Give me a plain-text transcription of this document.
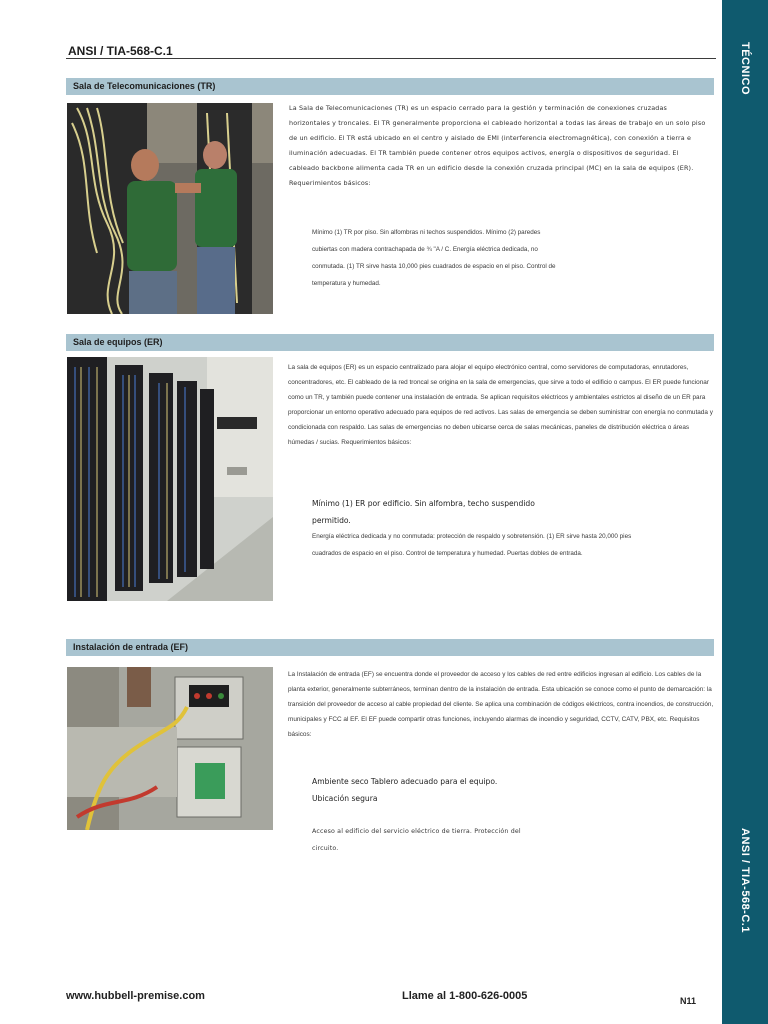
TÉCNICO
ANSI / TIA-568-C.1
ANSI / TIA-568-C.1
Sala de Telecomunicaciones (TR)

La Sala de Telecomunicaciones (TR) es un espacio cerrado para la gestión y terminación de conexiones cruzadas horizontales y troncales. El TR generalmente proporciona el cableado horizontal a todas las áreas de trabajo en un solo piso de un edificio. El TR está ubicado en el centro y aislado de EMI (interferencia electromagnética), con conexión a tierra e iluminación adecuadas. El TR también puede contener otros equipos activos, energía o dispositivos de seguridad. El cableado backbone alimenta cada TR en un edificio desde la conexión cruzada principal (MC) en la sala de equipos (ER). Requerimientos básicos:

Mínimo (1) TR por piso. Sin alfombras ni techos suspendidos. Mínimo (2) paredes cubiertas con madera contrachapada de ¾ "A / C. Energía eléctrica dedicada, no conmutada. (1) TR sirve hasta 10,000 pies cuadrados de espacio en el piso. Control de temperatura y humedad.

Sala de equipos (ER)

La sala de equipos (ER) es un espacio centralizado para alojar el equipo electrónico central, como servidores de computadoras, enrutadores, concentradores, etc. El cableado de la red troncal se origina en la sala de emergencias, que sirve a todo el edificio o campus. El ER puede funcionar como un TR, y también puede contener una instalación de entrada. Se aplican requisitos eléctricos y ambientales estrictos al diseño de un ER para proporcionar un entorno operativo adecuado para equipos de red activos. Las salas de emergencia se deben suministrar con energía no conmutada y condicionada con respaldo. Las salas de emergencias no deben ubicarse cerca de salas mecánicas, paneles de distribución eléctrica o áreas húmedas / sucias. Requerimientos básicos:

Mínimo (1) ER por edificio. Sin alfombra, techo suspendido permitido.

Energía eléctrica dedicada y no conmutada: protección de respaldo y sobretensión. (1) ER sirve hasta 20,000 pies cuadrados de espacio en el piso. Control de temperatura y humedad. Puertas dobles de entrada.

Instalación de entrada (EF)

La Instalación de entrada (EF) se encuentra donde el proveedor de acceso y los cables de red entre edificios ingresan al edificio. Los cables de la planta exterior, generalmente subterráneos, terminan dentro de la instalación de entrada. Esta ubicación se conoce como el punto de demarcación: la transición del proveedor de acceso al cable propiedad del cliente. Se aplica una combinación de códigos eléctricos, contra incendios, de construcción, municipales y FCC al EF. El EF puede compartir otras funciones, incluyendo alarmas de incendio y seguridad, CCTV, CATV, PBX, etc. Requisitos básicos:

Ambiente seco Tablero adecuado para el equipo. Ubicación segura

Acceso al edificio del servicio eléctrico de tierra. Protección del circuito.

www.hubbell-premise.com	Llame al 1-800-626-0005	N11
